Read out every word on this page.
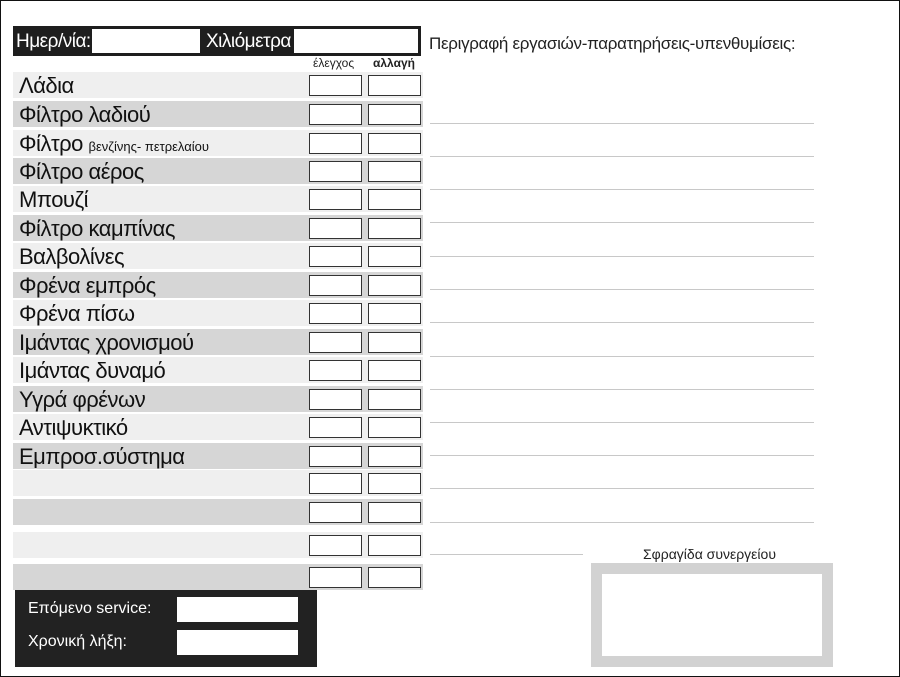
Ημερ/νία:	Χιλιόμετρα	Περιγραφή εργασιών-παρατηρήσεις-υπενθυμίσεις:
έλεγχος αλλαγή
Λάδια
Φίλτρο λαδιού
Φίλτρο βενζίνης- πετρελαίου
Φίλτρο αέρος
Μπουζί
Φίλτρο καμπίνας
Βαλβολίνες
Φρένα εμπρός
Φρένα πίσω
Ιμάντας χρονισμού
Ιμάντας δυναμό
Υγρά φρένων
Αντιψυκτικό
Εμπροσ.σύστημα
Επόμενο service:
Χρονική λήξη:
Σφραγίδα συνεργείου
